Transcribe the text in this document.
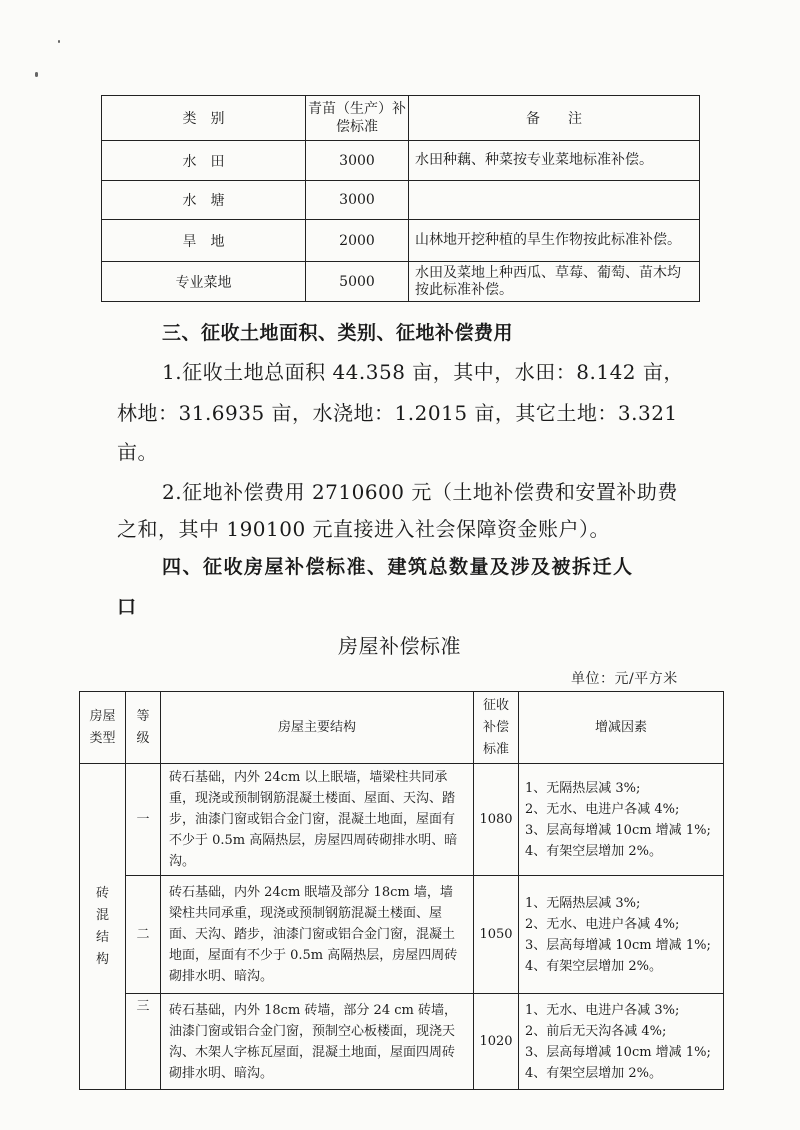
类　别	青苗（生产）补偿标准	备　　注
水　田	3000	水田种藕、种菜按专业菜地标准补偿。
水　塘	3000	
旱　地	2000	山林地开挖种植的旱生作物按此标准补偿。
专业菜地	5000	水田及菜地上种西瓜、草莓、葡萄、苗木均按此标准补偿。
三、征收土地面积、类别、征地补偿费用
1.征收土地总面积 44.358 亩，其中，水田：8.142 亩，
林地：31.6935 亩，水浇地：1.2015 亩，其它土地：3.321
亩。
2.征地补偿费用 2710600 元（土地补偿费和安置补助费
之和，其中 190100 元直接进入社会保障资金账户）。
四、征收房屋补偿标准、建筑总数量及涉及被拆迁人
口
房屋补偿标准
单位：元/平方米
房屋类型	等级	房屋主要结构	征收补偿标准	增减因素
砖混结构	一	砖石基础，内外 24cm 以上眠墙，墙梁柱共同承重，现浇或预制钢筋混凝土楼面、屋面、天沟、踏步，油漆门窗或铝合金门窗，混凝土地面，屋面有不少于 0.5m 高隔热层，房屋四周砖砌排水明、暗沟。	1080	1、无隔热层减 3%;
2、无水、电进户各减 4%;
3、层高每增减 10cm 增减 1%;
4、有架空层增加 2%。

	二	砖石基础，内外 24cm 眠墙及部分 18cm 墙，墙梁柱共同承重，现浇或预制钢筋混凝土楼面、屋面、天沟、踏步，油漆门窗或铝合金门窗，混凝土地面，屋面有不少于 0.5m 高隔热层，房屋四周砖砌排水明、暗沟。	1050	1、无隔热层减 3%;
2、无水、电进户各减 4%;
3、层高每增减 10cm 增减 1%;
4、有架空层增加 2%。

	三	砖石基础，内外 18cm 砖墙，部分 24 cm 砖墙，油漆门窗或铝合金门窗，预制空心板楼面，现浇天沟、木架人字栋瓦屋面，混凝土地面，屋面四周砖砌排水明、暗沟。	1020	1、无水、电进户各减 3%;
2、前后无天沟各减 4%;
3、层高每增减 10cm 增减 1%;
4、有架空层增加 2%。
